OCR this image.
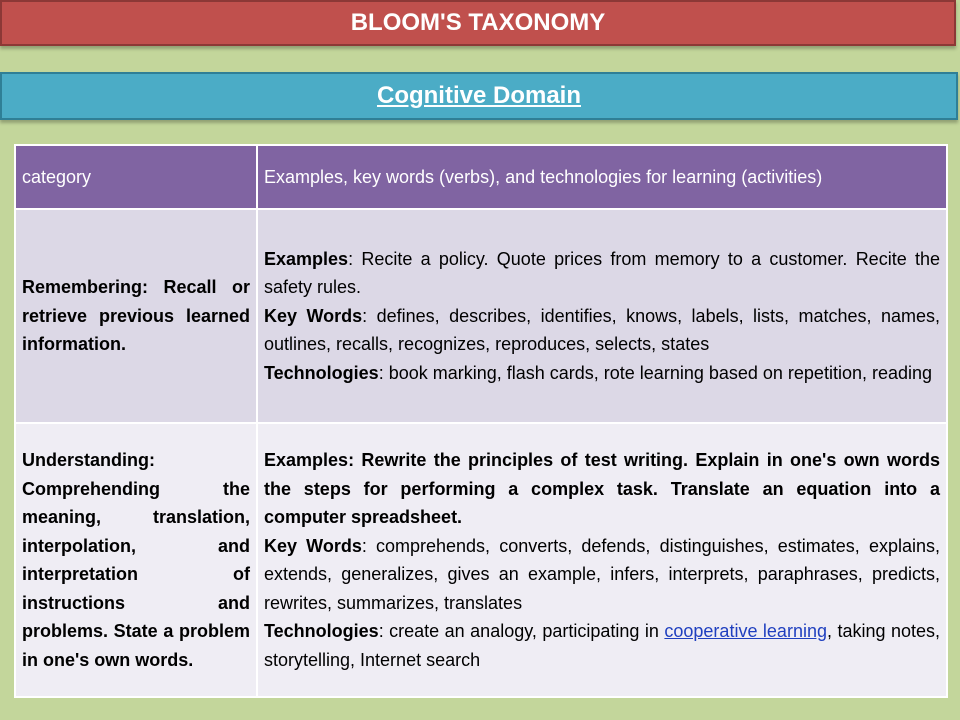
BLOOM'S TAXONOMY
Cognitive Domain
category	Examples, key words (verbs), and technologies for learning (activities)

Remembering: Recall or retrieve previous learned information.	Examples: Recite a policy. Quote prices from memory to a customer. Recite the safety rules.

Key Words: defines, describes, identifies, knows, labels, lists, matches, names, outlines, recalls, recognizes, reproduces, selects, states

Technologies: book marking, flash cards, rote learning based on repetition, reading

Understanding: Comprehending the meaning, translation, interpolation, and interpretation of instructions and problems. State a problem in one's own words.	Examples: Rewrite the principles of test writing. Explain in one's own words the steps for performing a complex task. Translate an equation into a computer spreadsheet.

Key Words: comprehends, converts, defends, distinguishes, estimates, explains, extends, generalizes, gives an example, infers, interprets, paraphrases, predicts, rewrites, summarizes, translates

Technologies: create an analogy, participating in cooperative learning, taking notes, storytelling, Internet search
